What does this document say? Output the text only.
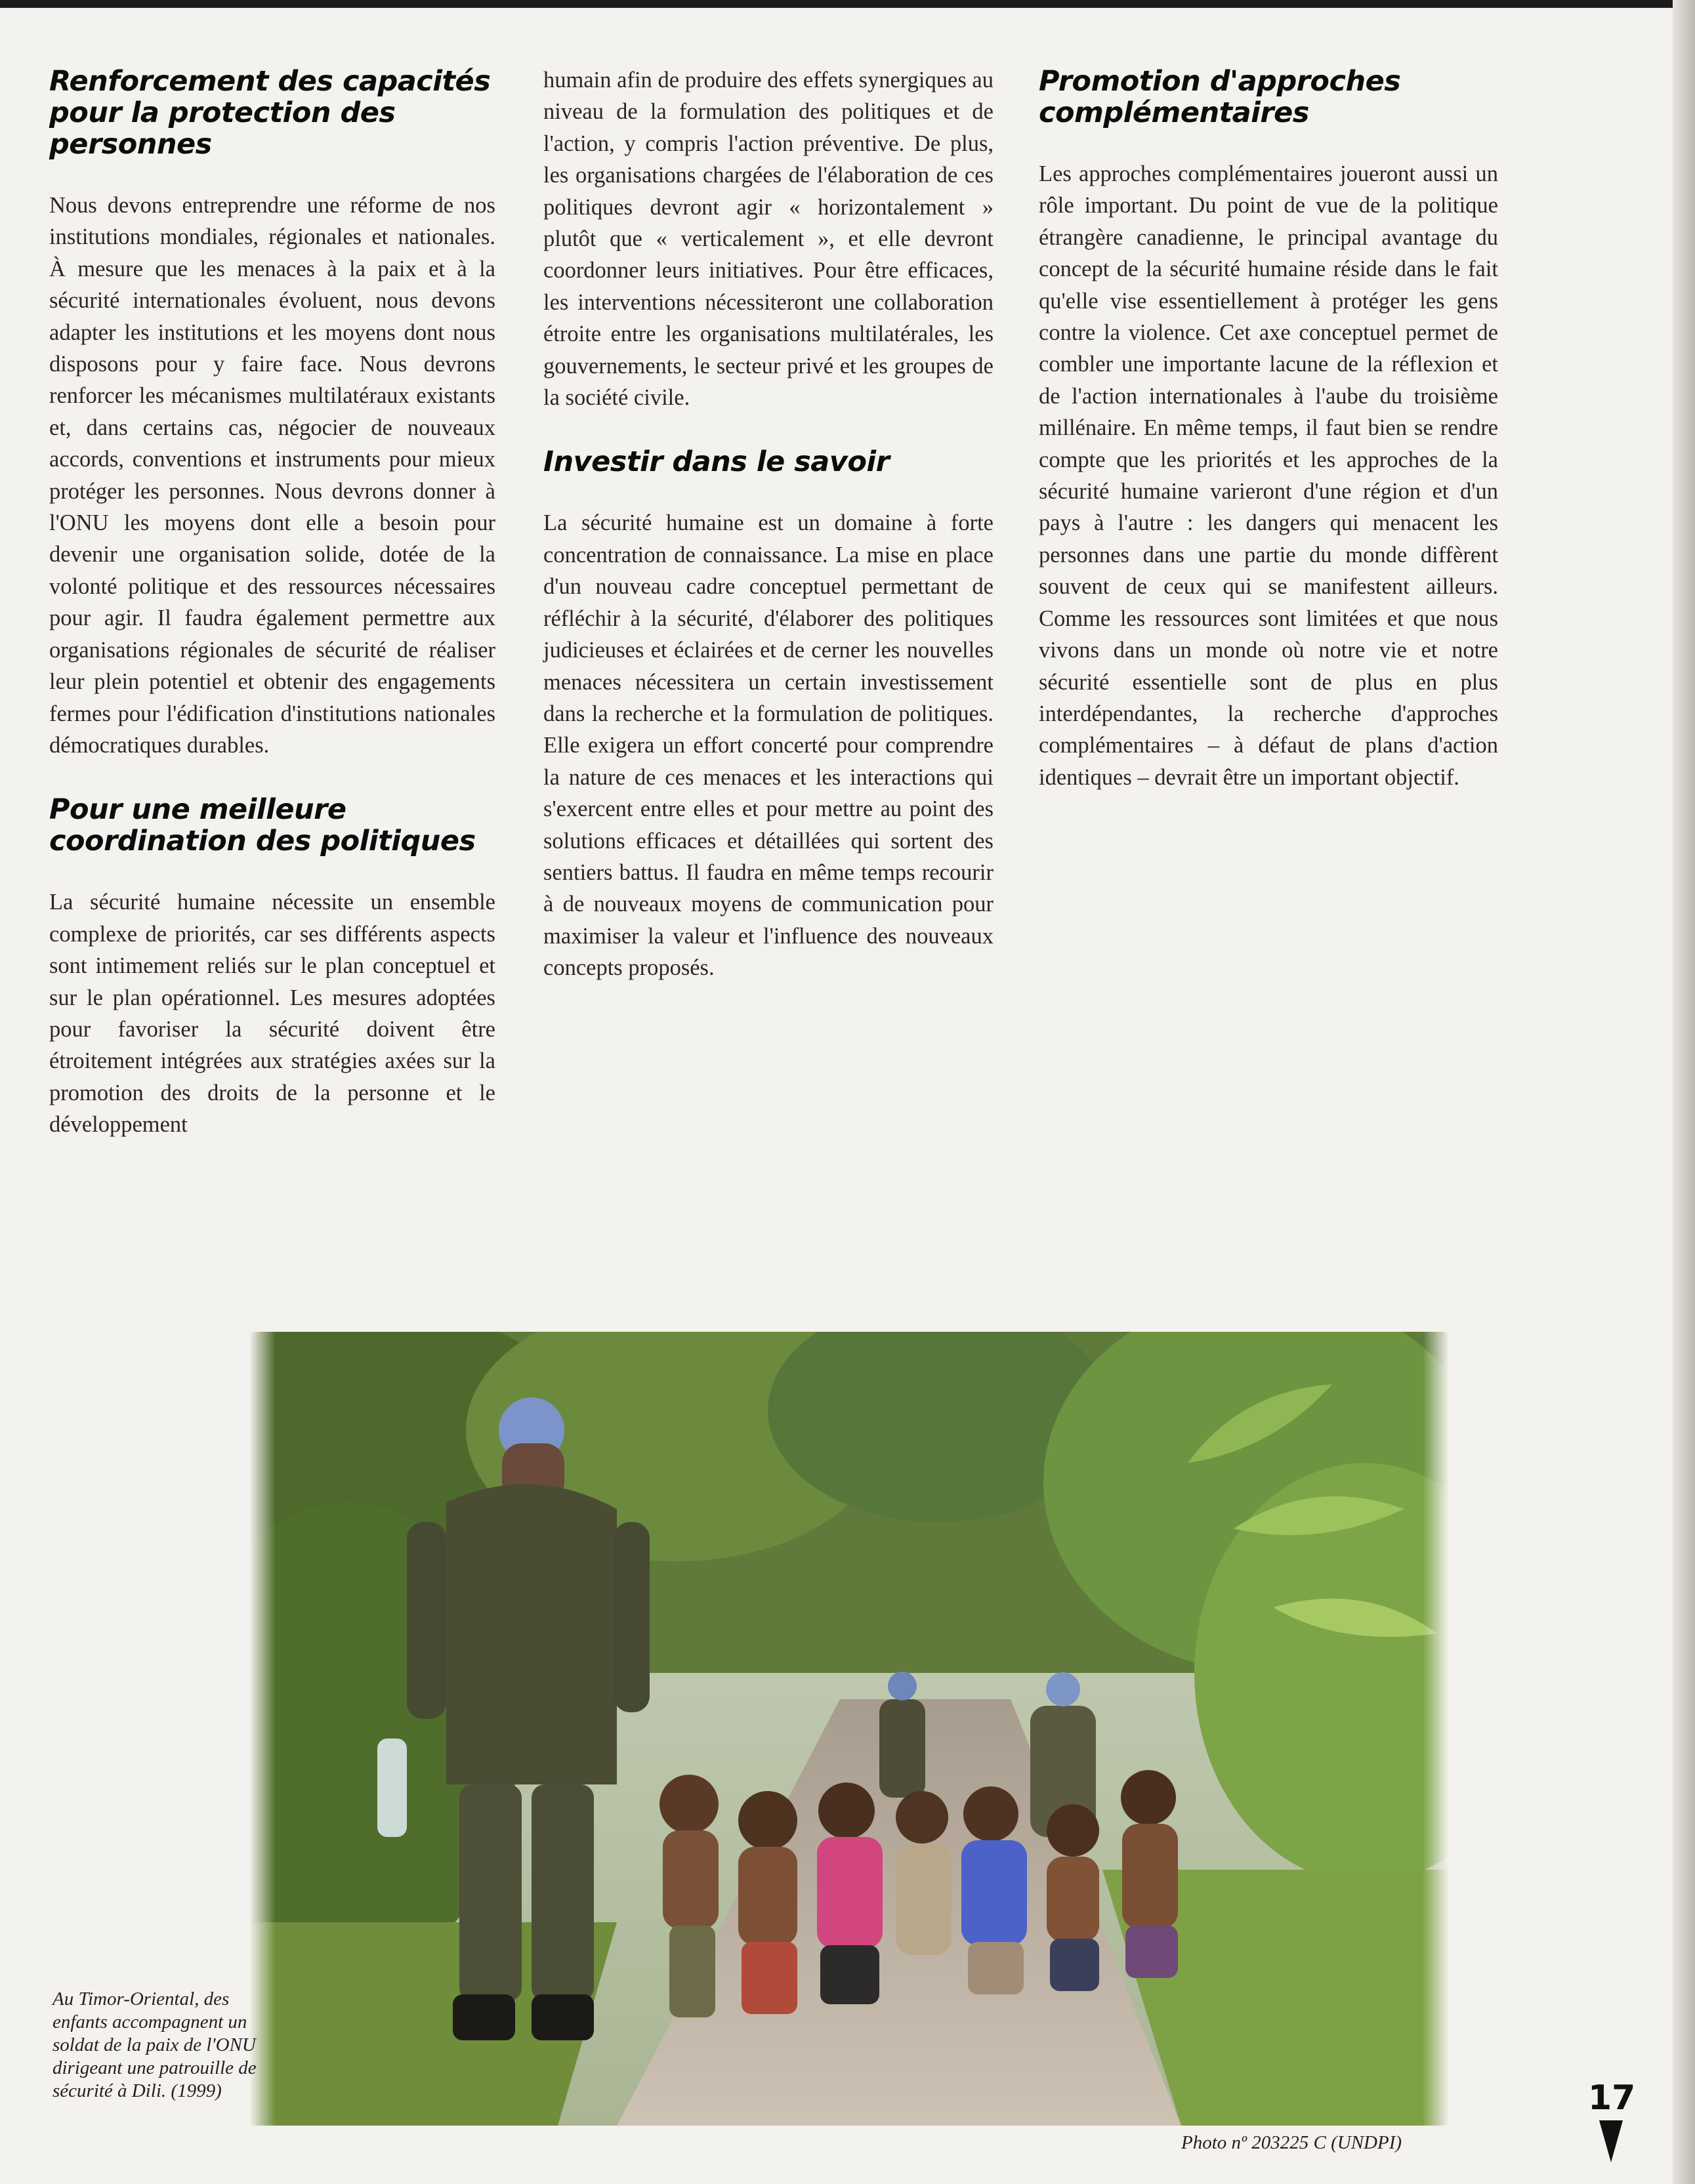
Renforcement des capacités pour la protection des personnes

Nous devons entreprendre une réforme de nos institutions mondiales, régionales et nationales. À mesure que les menaces à la paix et à la sécurité internationales évoluent, nous devons adapter les institutions et les moyens dont nous disposons pour y faire face. Nous devrons renforcer les mécanismes multilatéraux existants et, dans certains cas, négocier de nouveaux accords, conventions et instruments pour mieux protéger les personnes. Nous devrons donner à l'ONU les moyens dont elle a besoin pour devenir une organisation solide, dotée de la volonté politique et des ressources nécessaires pour agir. Il faudra également permettre aux organisations régionales de sécurité de réaliser leur plein potentiel et obtenir des engagements fermes pour l'édification d'institutions nationales démocratiques durables.

Pour une meilleure coordination des politiques

La sécurité humaine nécessite un ensemble complexe de priorités, car ses différents aspects sont intimement reliés sur le plan conceptuel et sur le plan opérationnel. Les mesures adoptées pour favoriser la sécurité doivent être étroitement intégrées aux stratégies axées sur la promotion des droits de la personne et le développement

humain afin de produire des effets synergiques au niveau de la formulation des politiques et de l'action, y compris l'action préventive. De plus, les organisations chargées de l'élaboration de ces politiques devront agir « horizontalement » plutôt que « verticalement », et elle devront coordonner leurs initiatives. Pour être efficaces, les interventions nécessiteront une collaboration étroite entre les organisations multilatérales, les gouvernements, le secteur privé et les groupes de la société civile.

Investir dans le savoir

La sécurité humaine est un domaine à forte concentration de connaissance. La mise en place d'un nouveau cadre conceptuel permettant de réfléchir à la sécurité, d'élaborer des politiques judicieuses et éclairées et de cerner les nouvelles menaces nécessitera un certain investissement dans la recherche et la formulation de politiques. Elle exigera un effort concerté pour comprendre la nature de ces menaces et les interactions qui s'exercent entre elles et pour mettre au point des solutions efficaces et détaillées qui sortent des sentiers battus. Il faudra en même temps recourir à de nouveaux moyens de communication pour maximiser la valeur et l'influence des nouveaux concepts proposés.

Promotion d'approches complémentaires

Les approches complémentaires joueront aussi un rôle important. Du point de vue de la politique étrangère canadienne, le principal avantage du concept de la sécurité humaine réside dans le fait qu'elle vise essentiellement à protéger les gens contre la violence. Cet axe conceptuel permet de combler une importante lacune de la réflexion et de l'action internationales à l'aube du troisième millénaire. En même temps, il faut bien se rendre compte que les priorités et les approches de la sécurité humaine varieront d'une région et d'un pays à l'autre : les dangers qui menacent les personnes dans une partie du monde diffèrent souvent de ceux qui se manifestent ailleurs. Comme les ressources sont limitées et que nous vivons dans un monde où notre vie et notre sécurité essentielle sont de plus en plus interdépendantes, la recherche d'approches complémentaires – à défaut de plans d'action identiques – devrait être un important objectif.

Au Timor-Oriental, des enfants accompagnent un soldat de la paix de l'ONU dirigeant une patrouille de sécurité à Dili. (1999)
Photo nº 203225 C (UNDPI)
17
